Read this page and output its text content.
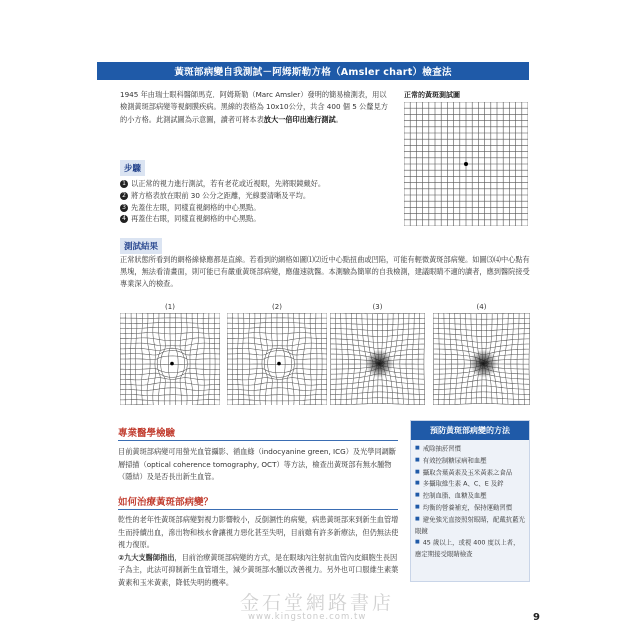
黃斑部病變自我測試－阿姆斯勒方格（Amsler chart）檢查法
1945 年由瑞士眼科醫師馬克．阿姆斯勒（Marc Amsler）發明的簡易檢測表，用以檢測黃斑部病變等視網膜疾病。黑線的表格為 10x10公分，共含 400 個 5 公釐見方的小方格。此測試圖為示意圖，讀者可將本表放大一倍印出進行測試。
正常的黃斑測試圖
步驟
1 以正常的視力進行測試，若有老花或近視眼，先將眼鏡戴好。
2 將方格表放在眼前 30 公分之距離，光線要清晰及平均。
3 先蓋住左眼，同樣直視網格的中心黑點。
4 再蓋住右眼，同樣直視網格的中心黑點。
測試結果
正常狀態所看到的網格線條應都是直線。若看到的網格如圖⑴⑵近中心點扭曲或凹陷，可能有輕微黃斑部病變。如圖⑶⑷中心點有黑塊，無法看清畫面，則可能已有嚴重黃斑部病變，應儘速就醫。本測驗為簡單的自我檢測，建議眼睛不適的讀者，應到醫院接受專業深入的檢查。
(1)	(2)	(3)	(4)
專業醫學檢驗
目前黃斑部病變可用螢光血管攝影、循血綠（indocyanine green, ICG）及光學同調斷層掃描（optical coherence tomography, OCT）等方法，檢查出黃斑部有無水腫物（隱結）及是否長出新生血管。
如何治療黃斑部病變？
乾性的老年性黃斑部病變對視力影響較小，反倒濕性的病變，病患黃斑部來到新生血管增生而持續出血，滲出物和核水會讓視力惡化甚至失明，目前雖有許多新療法，但仍無法使視力復原。
②九大支醫師指出，目前治療黃斑部病變的方式，是在眼球內注射抗血管內皮細胞生長因子為主，此法可抑制新生血管增生，減少黃斑部水腫以改善視力。另外也可口服維生素葉黃素和玉米黃素，降低失明的機率。
預防黃斑部病變的方法
■ 戒除抽菸習慣
■ 有效控制糖尿病和血壓
■ 攝取含葉黃素及玉米黃素之食品
■ 多攝取維生素 A、C、E 及鋅
■ 控制血脂、血糖及血壓
■ 均衡的營養補充，保持運動習慣
■ 避免強光直接照射眼睛，配戴抗藍光眼鏡
■ 45 歲以上，或視 400 度以上者，應定期接受眼睛檢查
金石堂網路書店
www.kingstone.com.tw	9
